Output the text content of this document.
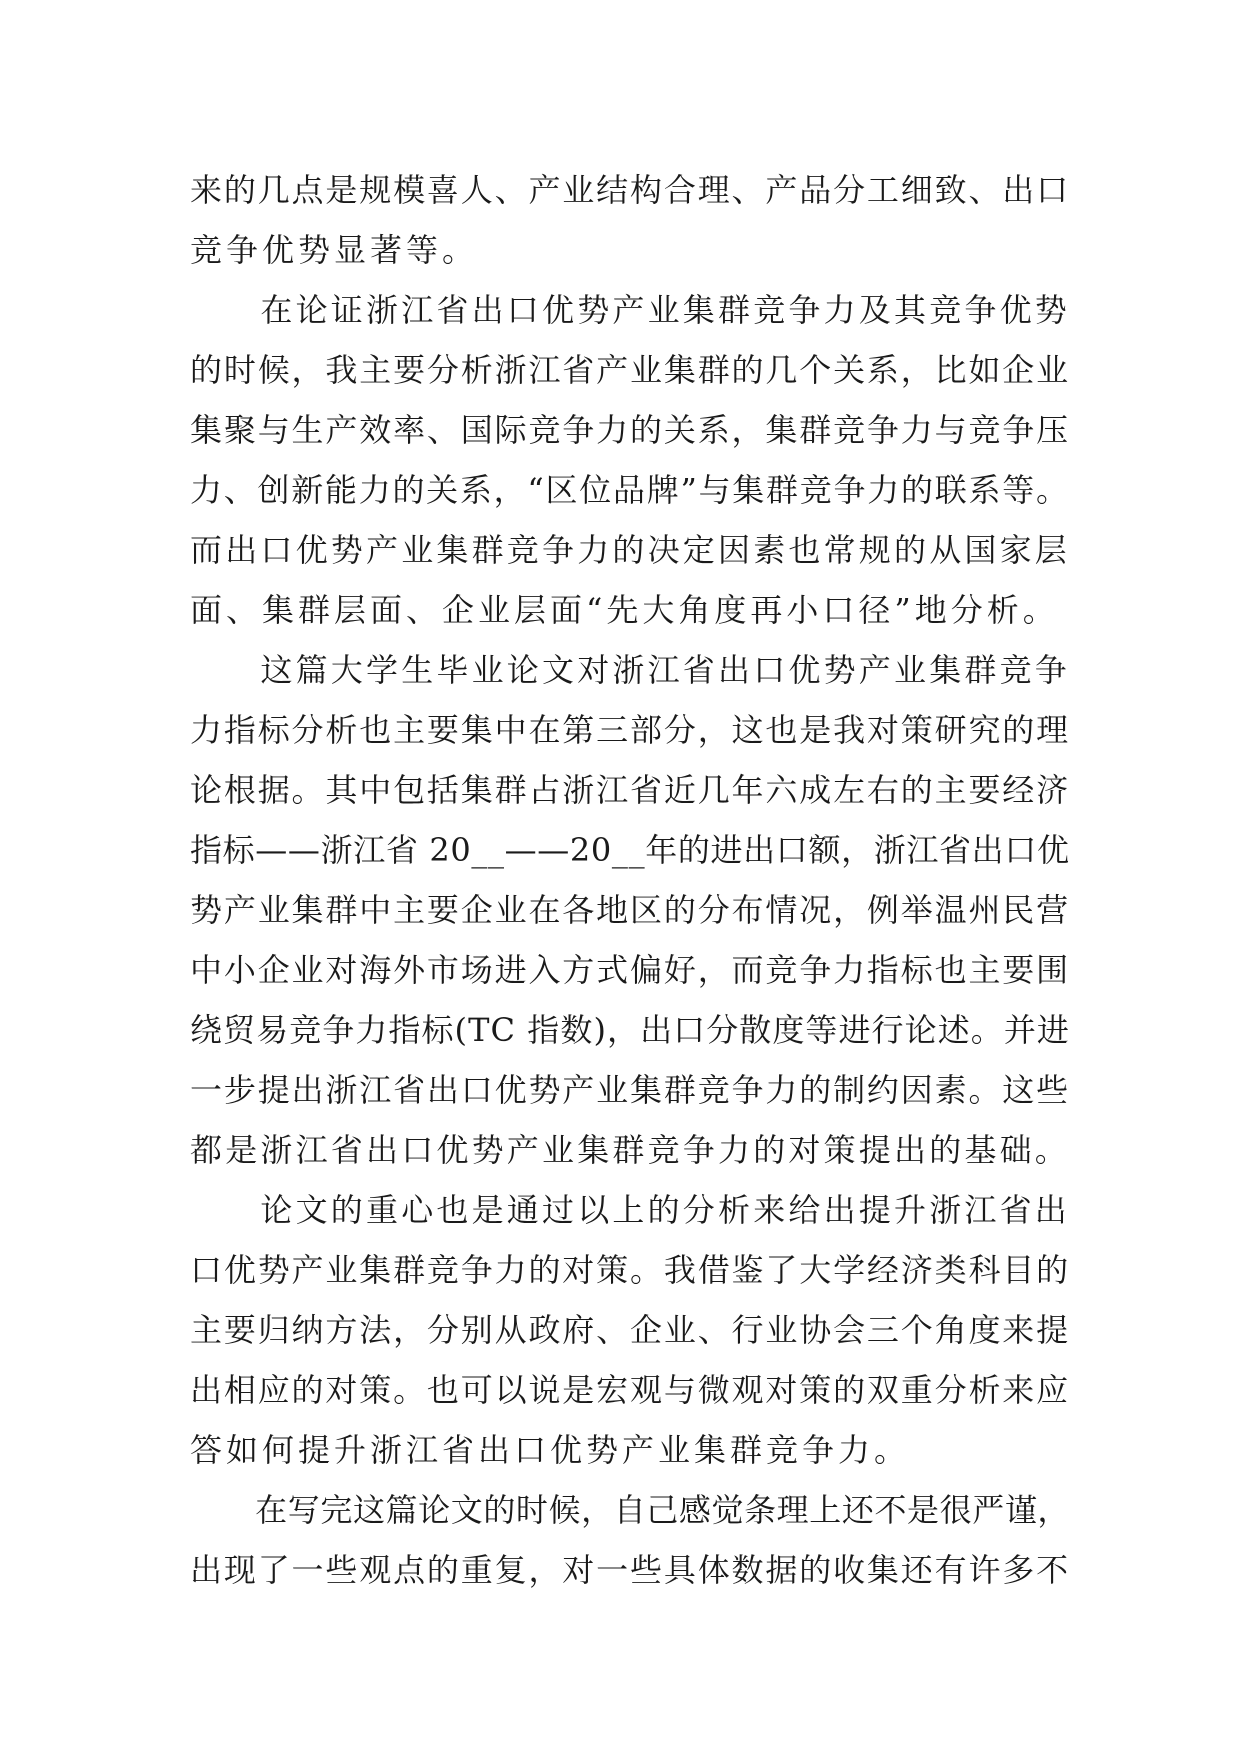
来的几点是规模喜人、产业结构合理、产品分工细致、出口
竞争优势显著等。
　　在论证浙江省出口优势产业集群竞争力及其竞争优势
的时候，我主要分析浙江省产业集群的几个关系，比如企业
集聚与生产效率、国际竞争力的关系，集群竞争力与竞争压
力、创新能力的关系，“区位品牌”与集群竞争力的联系等。
而出口优势产业集群竞争力的决定因素也常规的从国家层
面、集群层面、企业层面“先大角度再小口径”地分析。
　　这篇大学生毕业论文对浙江省出口优势产业集群竞争
力指标分析也主要集中在第三部分，这也是我对策研究的理
论根据。其中包括集群占浙江省近几年六成左右的主要经济
指标——浙江省 20__——20__年的进出口额，浙江省出口优
势产业集群中主要企业在各地区的分布情况，例举温州民营
中小企业对海外市场进入方式偏好，而竞争力指标也主要围
绕贸易竞争力指标(TC 指数)，出口分散度等进行论述。并进
一步提出浙江省出口优势产业集群竞争力的制约因素。这些
都是浙江省出口优势产业集群竞争力的对策提出的基础。
　　论文的重心也是通过以上的分析来给出提升浙江省出
口优势产业集群竞争力的对策。我借鉴了大学经济类科目的
主要归纳方法，分别从政府、企业、行业协会三个角度来提
出相应的对策。也可以说是宏观与微观对策的双重分析来应
答如何提升浙江省出口优势产业集群竞争力。
　　在写完这篇论文的时候，自己感觉条理上还不是很严谨，
出现了一些观点的重复，对一些具体数据的收集还有许多不
